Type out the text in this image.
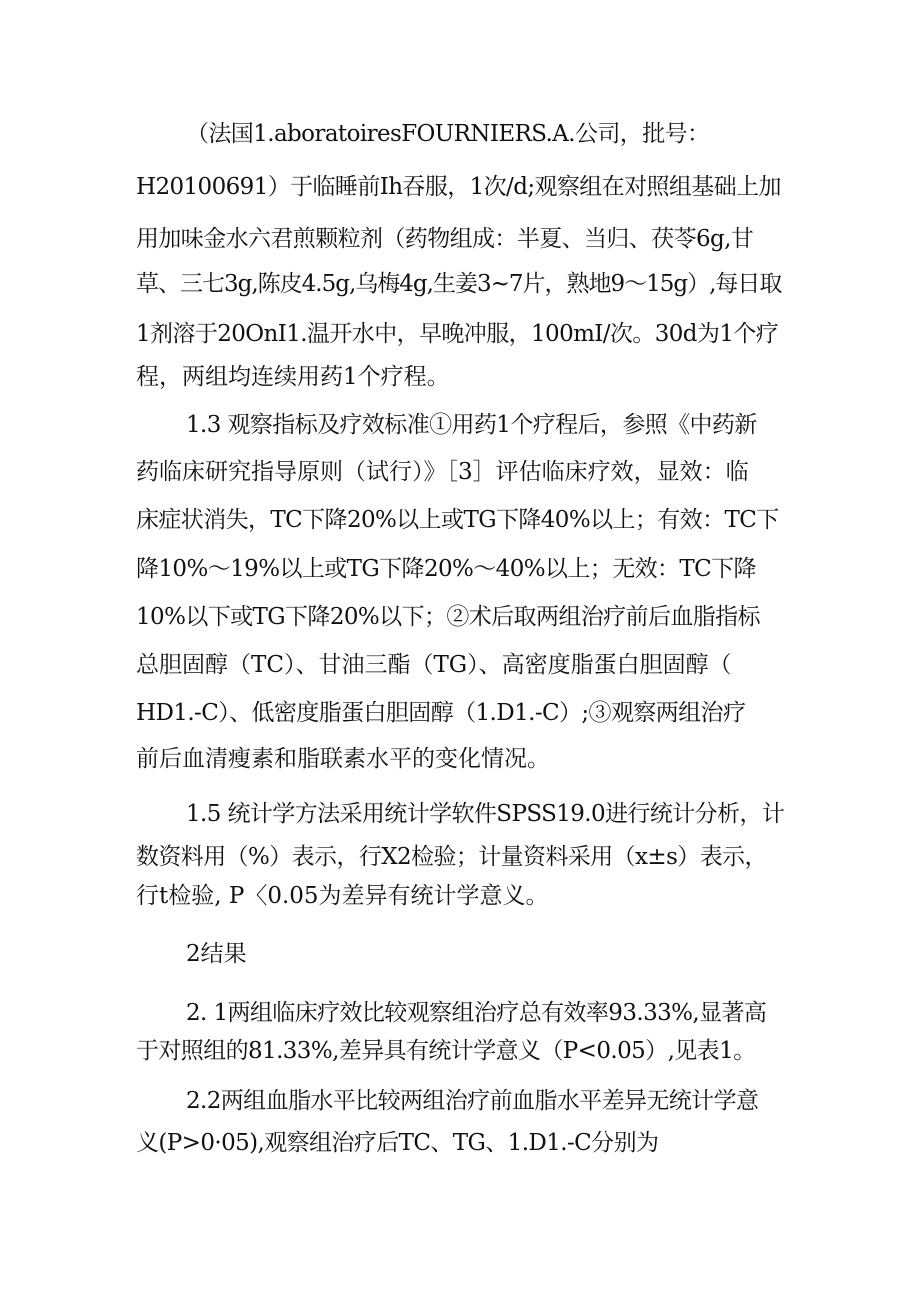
（法国1.aboratoiresFOURNIERS.A.公司，批号：
H20100691）于临睡前Ih吞服，1次/d;观察组在对照组基础上加
用加味金水六君煎颗粒剂（药物组成：半夏、当归、茯苓6g,甘
草、三七3g,陈皮4.5g,乌梅4g,生姜3~7片，熟地9～15g）,每日取
1剂溶于20OnI1.温开水中，早晚冲服，100mI/次。30d为1个疗
程，两组均连续用药1个疗程。
1.3 观察指标及疗效标准①用药1个疗程后，参照《中药新
药临床研究指导原则（试行）》［3］评估临床疗效，显效：临
床症状消失，TC下降20%以上或TG下降40%以上；有效：TC下
降10%～19%以上或TG下降20%～40%以上；无效：TC下降
10%以下或TG下降20%以下；②术后取两组治疗前后血脂指标
总胆固醇（TC）、甘油三酯（TG）、高密度脂蛋白胆固醇（
HD1.-C）、低密度脂蛋白胆固醇（1.D1.-C）;③观察两组治疗
前后血清瘦素和脂联素水平的变化情况。
1.5 统计学方法采用统计学软件SPSS19.0进行统计分析，计
数资料用（%）表示，行X2检验；计量资料采用（x±s）表示，
行t检验, P〈0.05为差异有统计学意义。
2结果
2. 1两组临床疗效比较观察组治疗总有效率93.33%,显著高
于对照组的81.33%,差异具有统计学意义（P<0.05）,见表1。
2.2两组血脂水平比较两组治疗前血脂水平差异无统计学意
义(P>0·05),观察组治疗后TC、TG、1.D1.-C分别为
